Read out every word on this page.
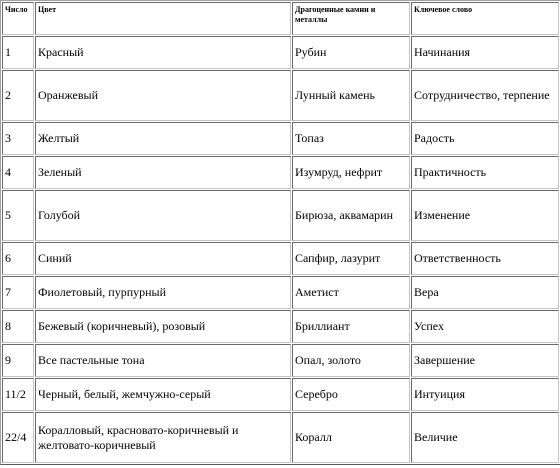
Число	Цвет	Драгоценные камни и металлы	Ключевое слово
1	Красный	Рубин	Начинания
2	Оранжевый	Лунный камень	Сотрудничество, терпение
3	Желтый	Топаз	Радость
4	Зеленый	Изумруд, нефрит	Практичность
5	Голубой	Бирюза, аквамарин	Изменение
6	Синий	Сапфир, лазурит	Ответственность
7	Фиолетовый, пурпурный	Аметист	Вера
8	Бежевый (коричневый), розовый	Бриллиант	Успех
9	Все пастельные тона	Опал, золото	Завершение
11/2	Черный, белый, жемчужно-серый	Серебро	Интуиция
22/4	Коралловый, красновато-коричневый и желтовато-коричневый	Коралл	Величие
